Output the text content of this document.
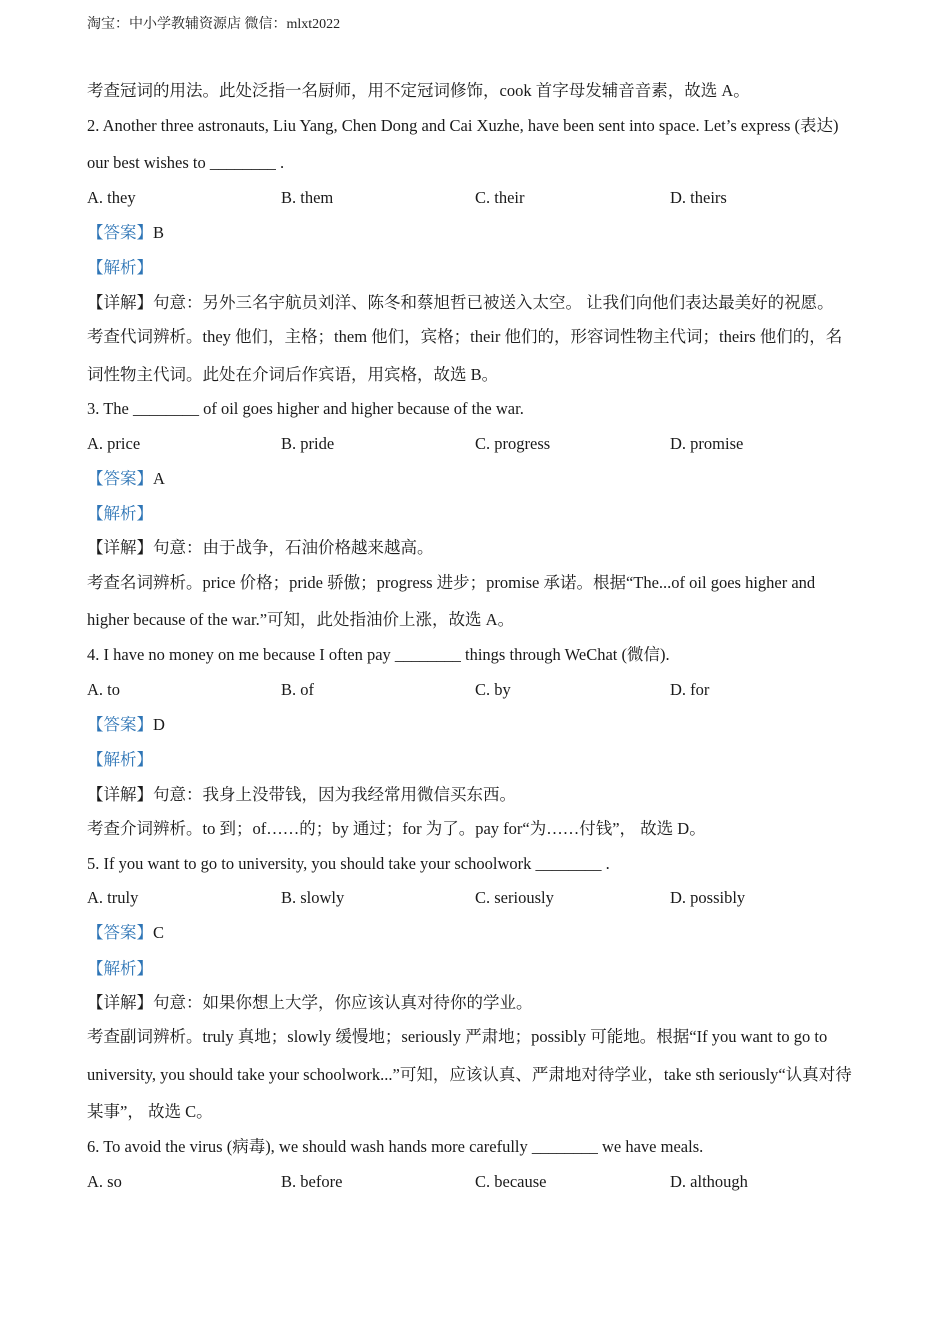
淘宝：中小学教辅资源店 微信：mlxt2022
考查冠词的用法。此处泛指一名厨师，用不定冠词修饰，cook 首字母发辅音音素，故选 A。
2. Another three astronauts, Liu Yang, Chen Dong and Cai Xuzhe, have been sent into space. Let’s express (表达)
our best wishes to ________ .
A. they	B. them	C. their	D. theirs
【答案】B
【解析】
【详解】句意：另外三名宇航员刘洋、陈冬和蔡旭哲已被送入太空。 让我们向他们表达最美好的祝愿。
考查代词辨析。they 他们，主格；them 他们，宾格；their 他们的，形容词性物主代词；theirs 他们的，名
词性物主代词。此处在介词后作宾语，用宾格，故选 B。
3. The ________ of oil goes higher and higher because of the war.
A. price	B. pride	C. progress	D. promise
【答案】A
【解析】
【详解】句意：由于战争，石油价格越来越高。
考查名词辨析。price 价格；pride 骄傲；progress 进步；promise 承诺。根据“The...of oil goes higher and
higher because of the war.”可知，此处指油价上涨，故选 A。
4. I have no money on me because I often pay ________ things through WeChat (微信).
A. to	B. of	C. by	D. for
【答案】D
【解析】
【详解】句意：我身上没带钱，因为我经常用微信买东西。
考查介词辨析。to 到；of……的；by 通过；for 为了。pay for“为……付钱”， 故选 D。
5. If you want to go to university, you should take your schoolwork ________ .
A. truly	B. slowly	C. seriously	D. possibly
【答案】C
【解析】
【详解】句意：如果你想上大学，你应该认真对待你的学业。
考查副词辨析。truly 真地；slowly 缓慢地；seriously 严肃地；possibly 可能地。根据“If you want to go to
university, you should take your schoolwork...”可知，应该认真、严肃地对待学业，take sth seriously“认真对待
某事”， 故选 C。
6. To avoid the virus (病毒), we should wash hands more carefully ________ we have meals.
A. so	B. before	C. because	D. although
